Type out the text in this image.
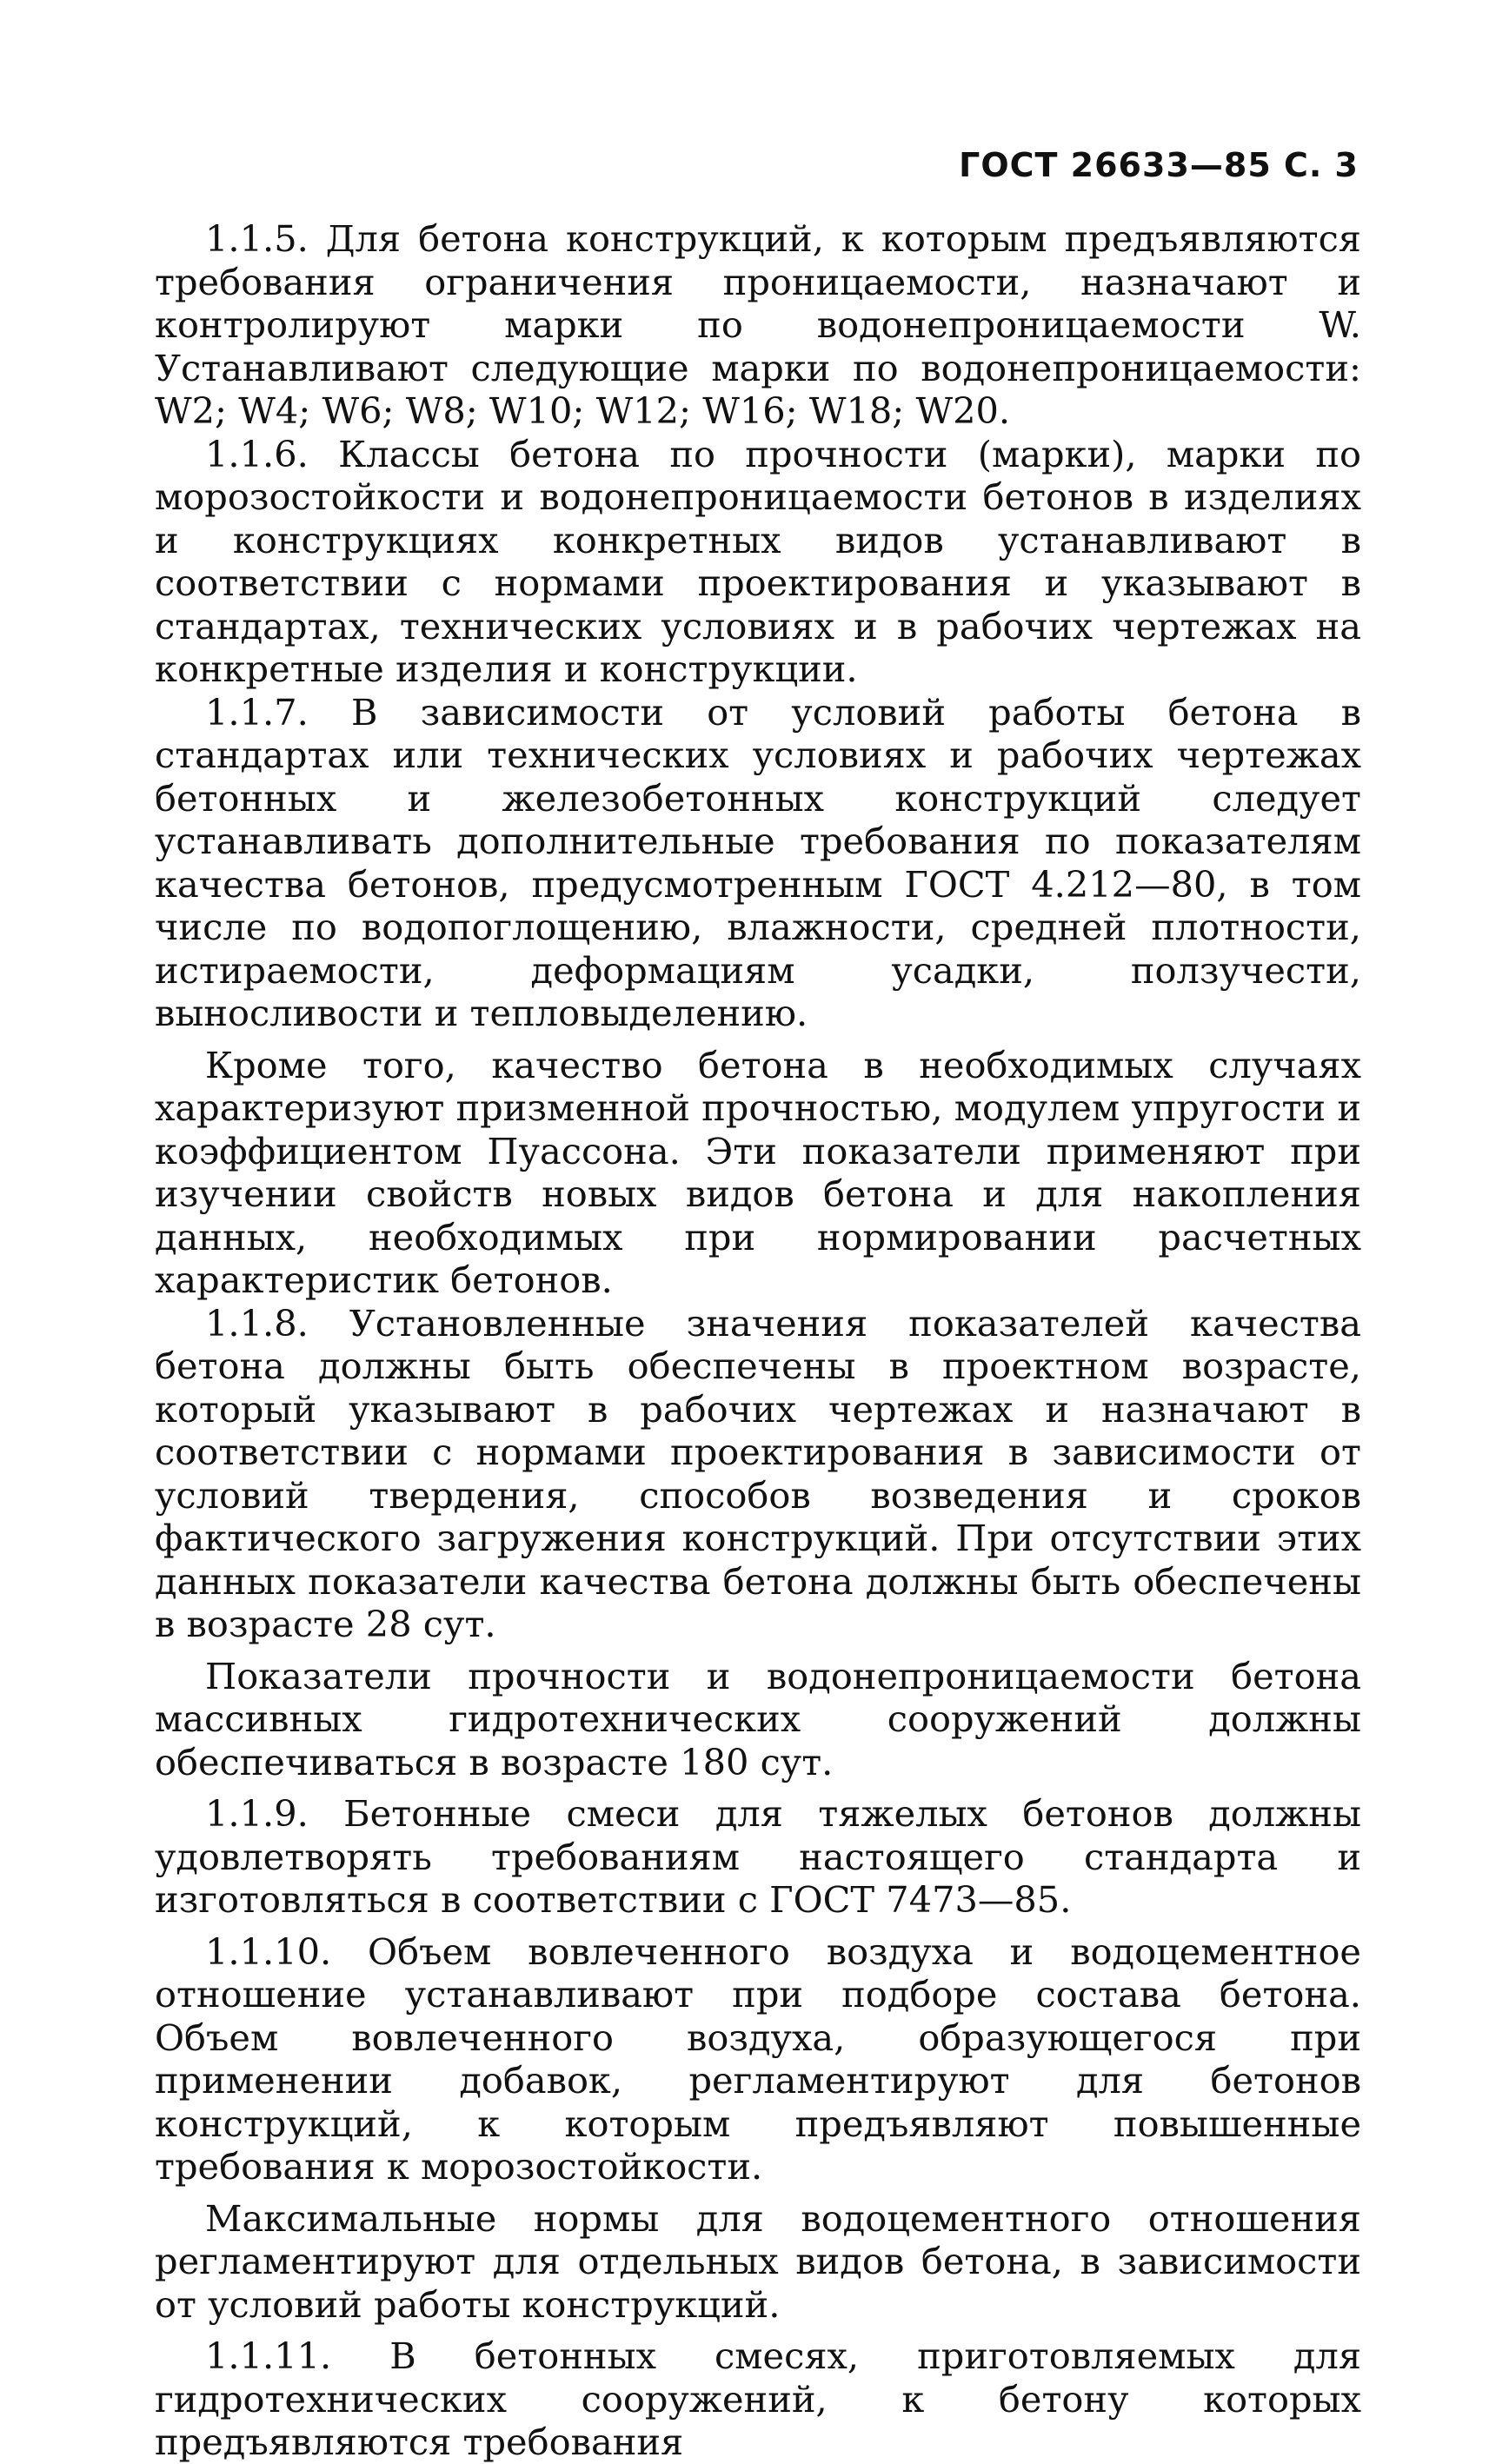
ГОСТ 26633—85 С. 3

1.1.5. Для бетона конструкций, к которым предъявляются требования ограничения проницаемости, назначают и контролируют марки по водонепроницаемости W. Устанавливают следующие марки по водонепроницаемости: W2; W4; W6; W8; W10; W12; W16; W18; W20.

1.1.6. Классы бетона по прочности (марки), марки по морозостойкости и водонепроницаемости бетонов в изделиях и конструкциях конкретных видов устанавливают в соответствии с нормами проектирования и указывают в стандартах, технических условиях и в рабочих чертежах на конкретные изделия и конструкции.

1.1.7. В зависимости от условий работы бетона в стандартах или технических условиях и рабочих чертежах бетонных и железобетонных конструкций следует устанавливать дополнительные требования по показателям качества бетонов, предусмотренным ГОСТ 4.212—80, в том числе по водопоглощению, влажности, средней плотности, истираемости, деформациям усадки, ползучести, выносливости и тепловыделению.

Кроме того, качество бетона в необходимых случаях характеризуют призменной прочностью, модулем упругости и коэффициентом Пуассона. Эти показатели применяют при изучении свойств новых видов бетона и для накопления данных, необходимых при нормировании расчетных характеристик бетонов.

1.1.8. Установленные значения показателей качества бетона должны быть обеспечены в проектном возрасте, который указывают в рабочих чертежах и назначают в соответствии с нормами проектирования в зависимости от условий твердения, способов возведения и сроков фактического загружения конструкций. При отсутствии этих данных показатели качества бетона должны быть обеспечены в возрасте 28 сут.

Показатели прочности и водонепроницаемости бетона массивных гидротехнических сооружений должны обеспечиваться в возрасте 180 сут.

1.1.9. Бетонные смеси для тяжелых бетонов должны удовлетворять требованиям настоящего стандарта и изготовляться в соответствии с ГОСТ 7473—85.

1.1.10. Объем вовлеченного воздуха и водоцементное отношение устанавливают при подборе состава бетона. Объем вовлеченного воздуха, образующегося при применении добавок, регламентируют для бетонов конструкций, к которым предъявляют повышенные требования к морозостойкости.

Максимальные нормы для водоцементного отношения регламентируют для отдельных видов бетона, в зависимости от условий работы конструкций.

1.1.11. В бетонных смесях, приготовляемых для гидротехнических сооружений, к бетону которых предъявляются требования
